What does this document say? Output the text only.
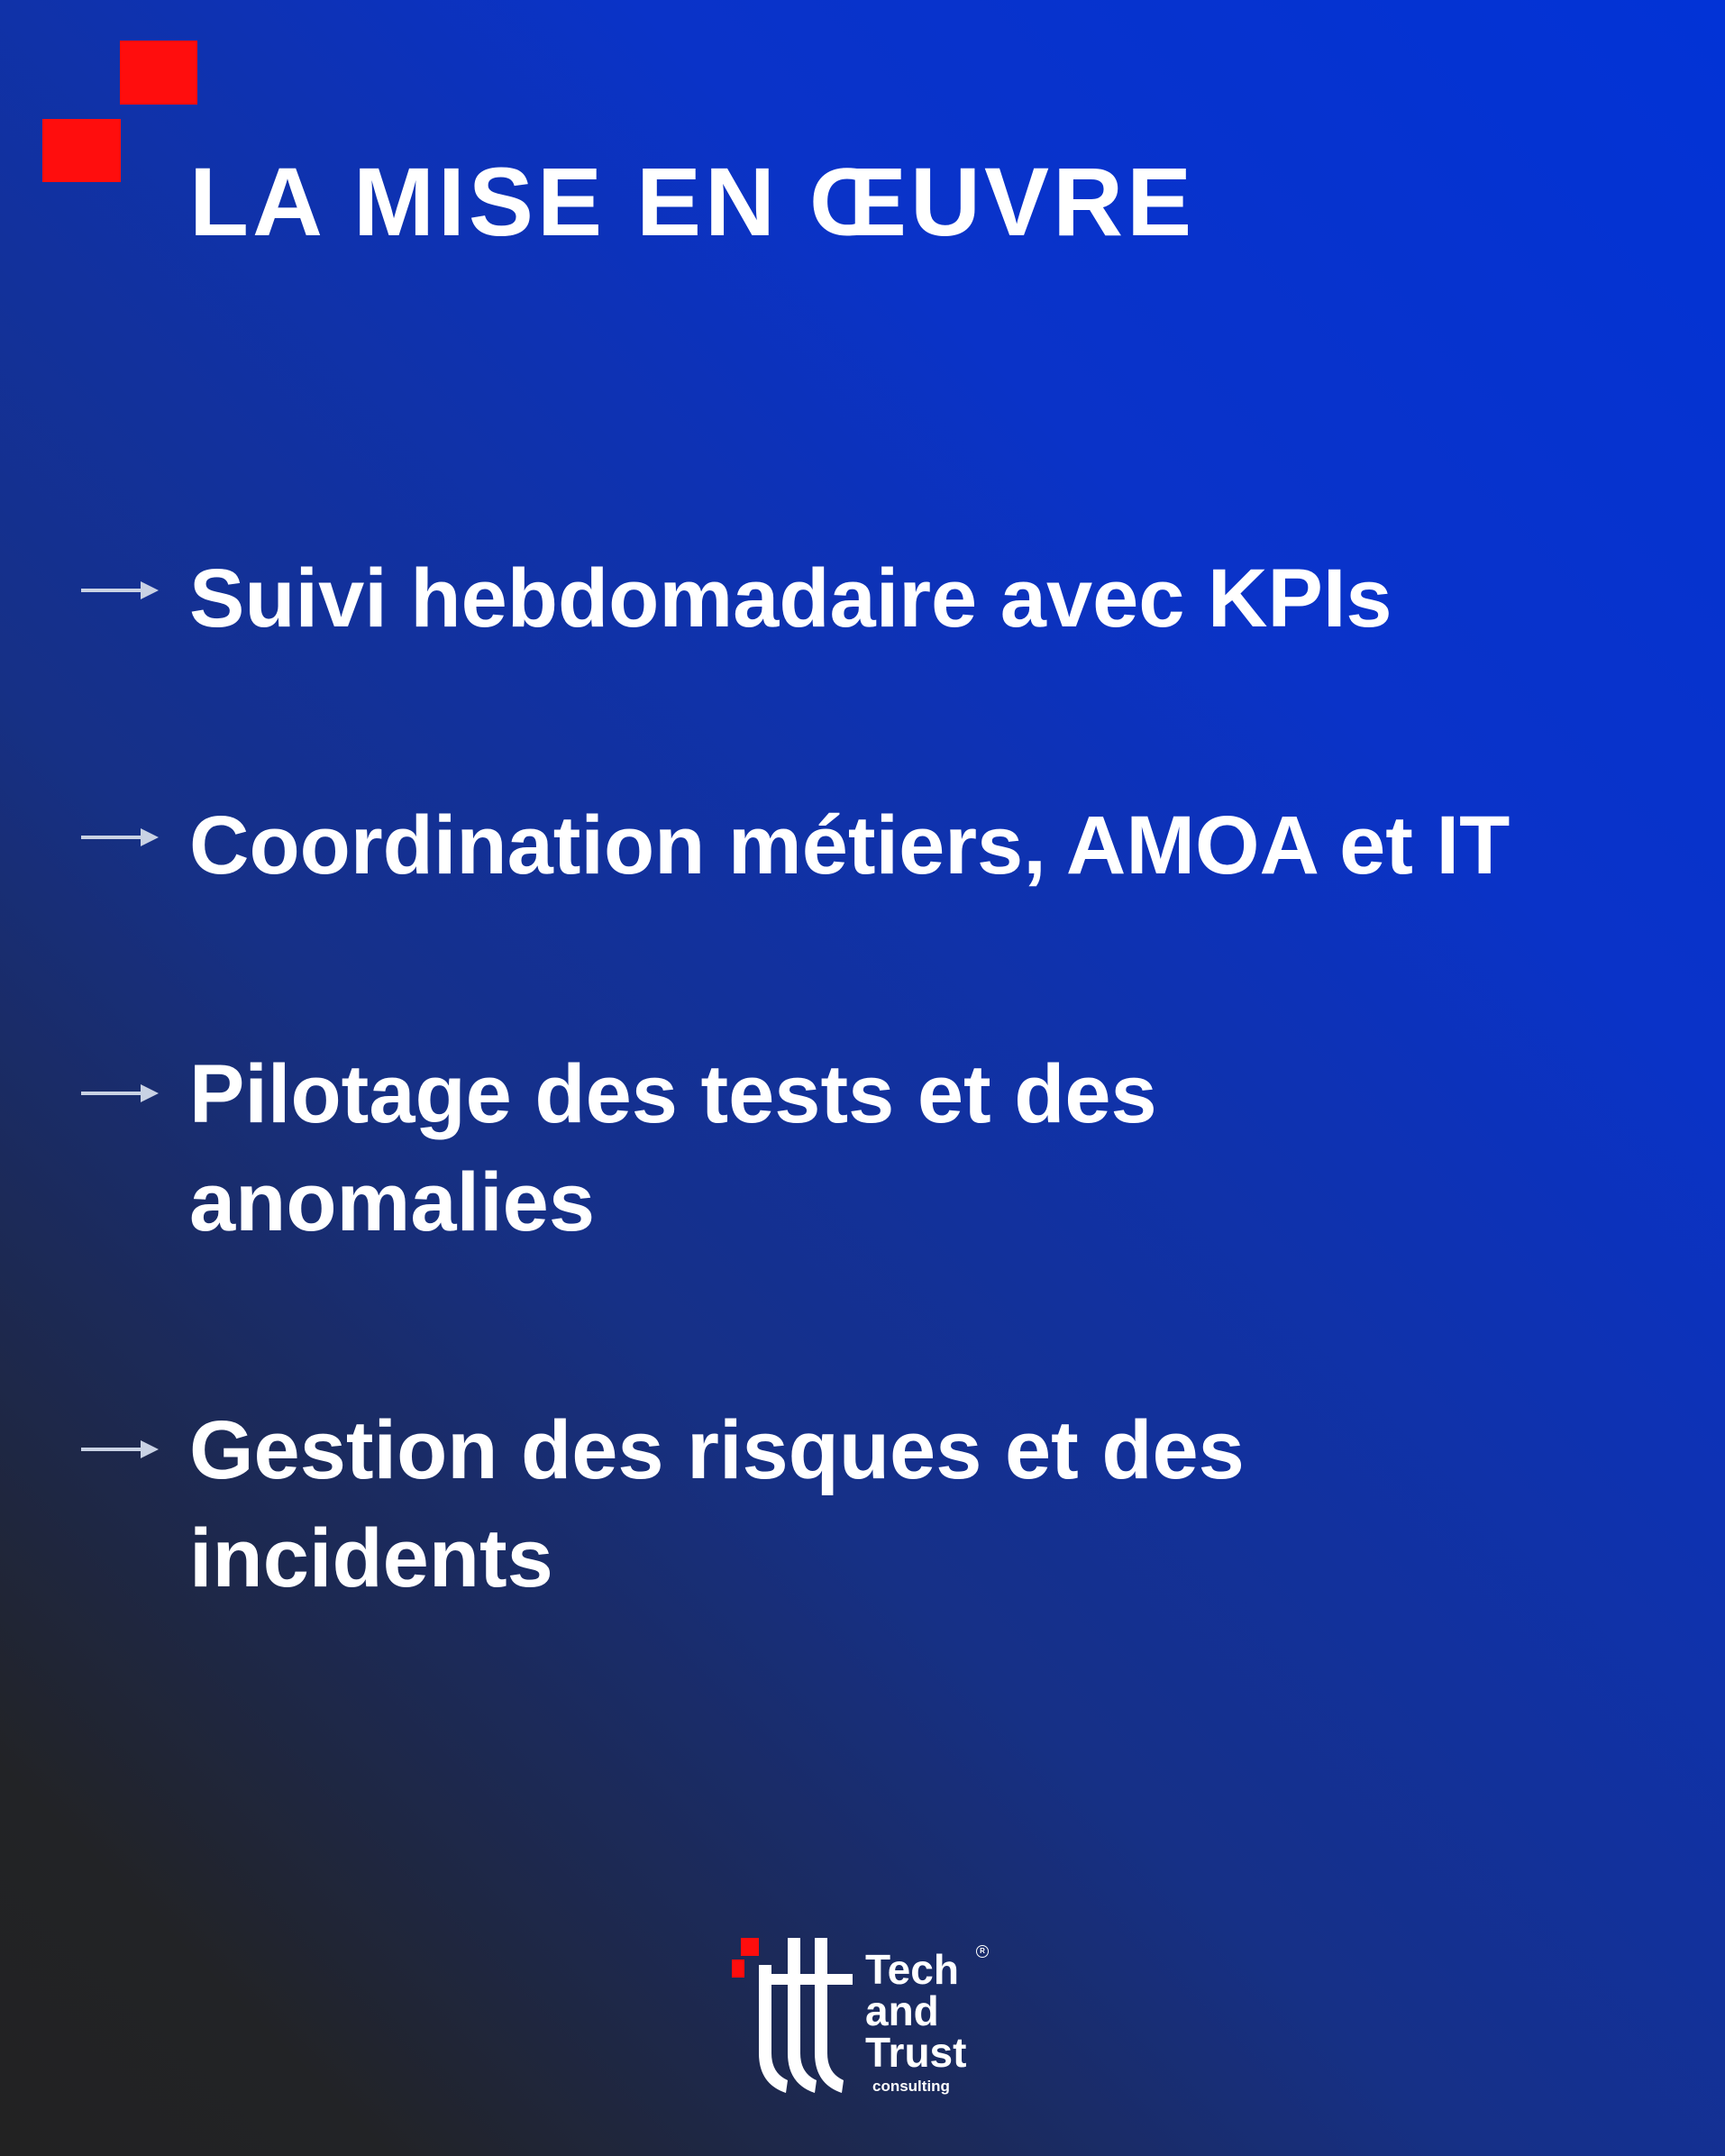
LA MISE EN ŒUVRE
Suivi hebdomadaire avec KPIs
Coordination métiers, AMOA et IT
Pilotage des tests et des anomalies
Gestion des risques et des incidents
Tech
and
Trust
R
consulting
